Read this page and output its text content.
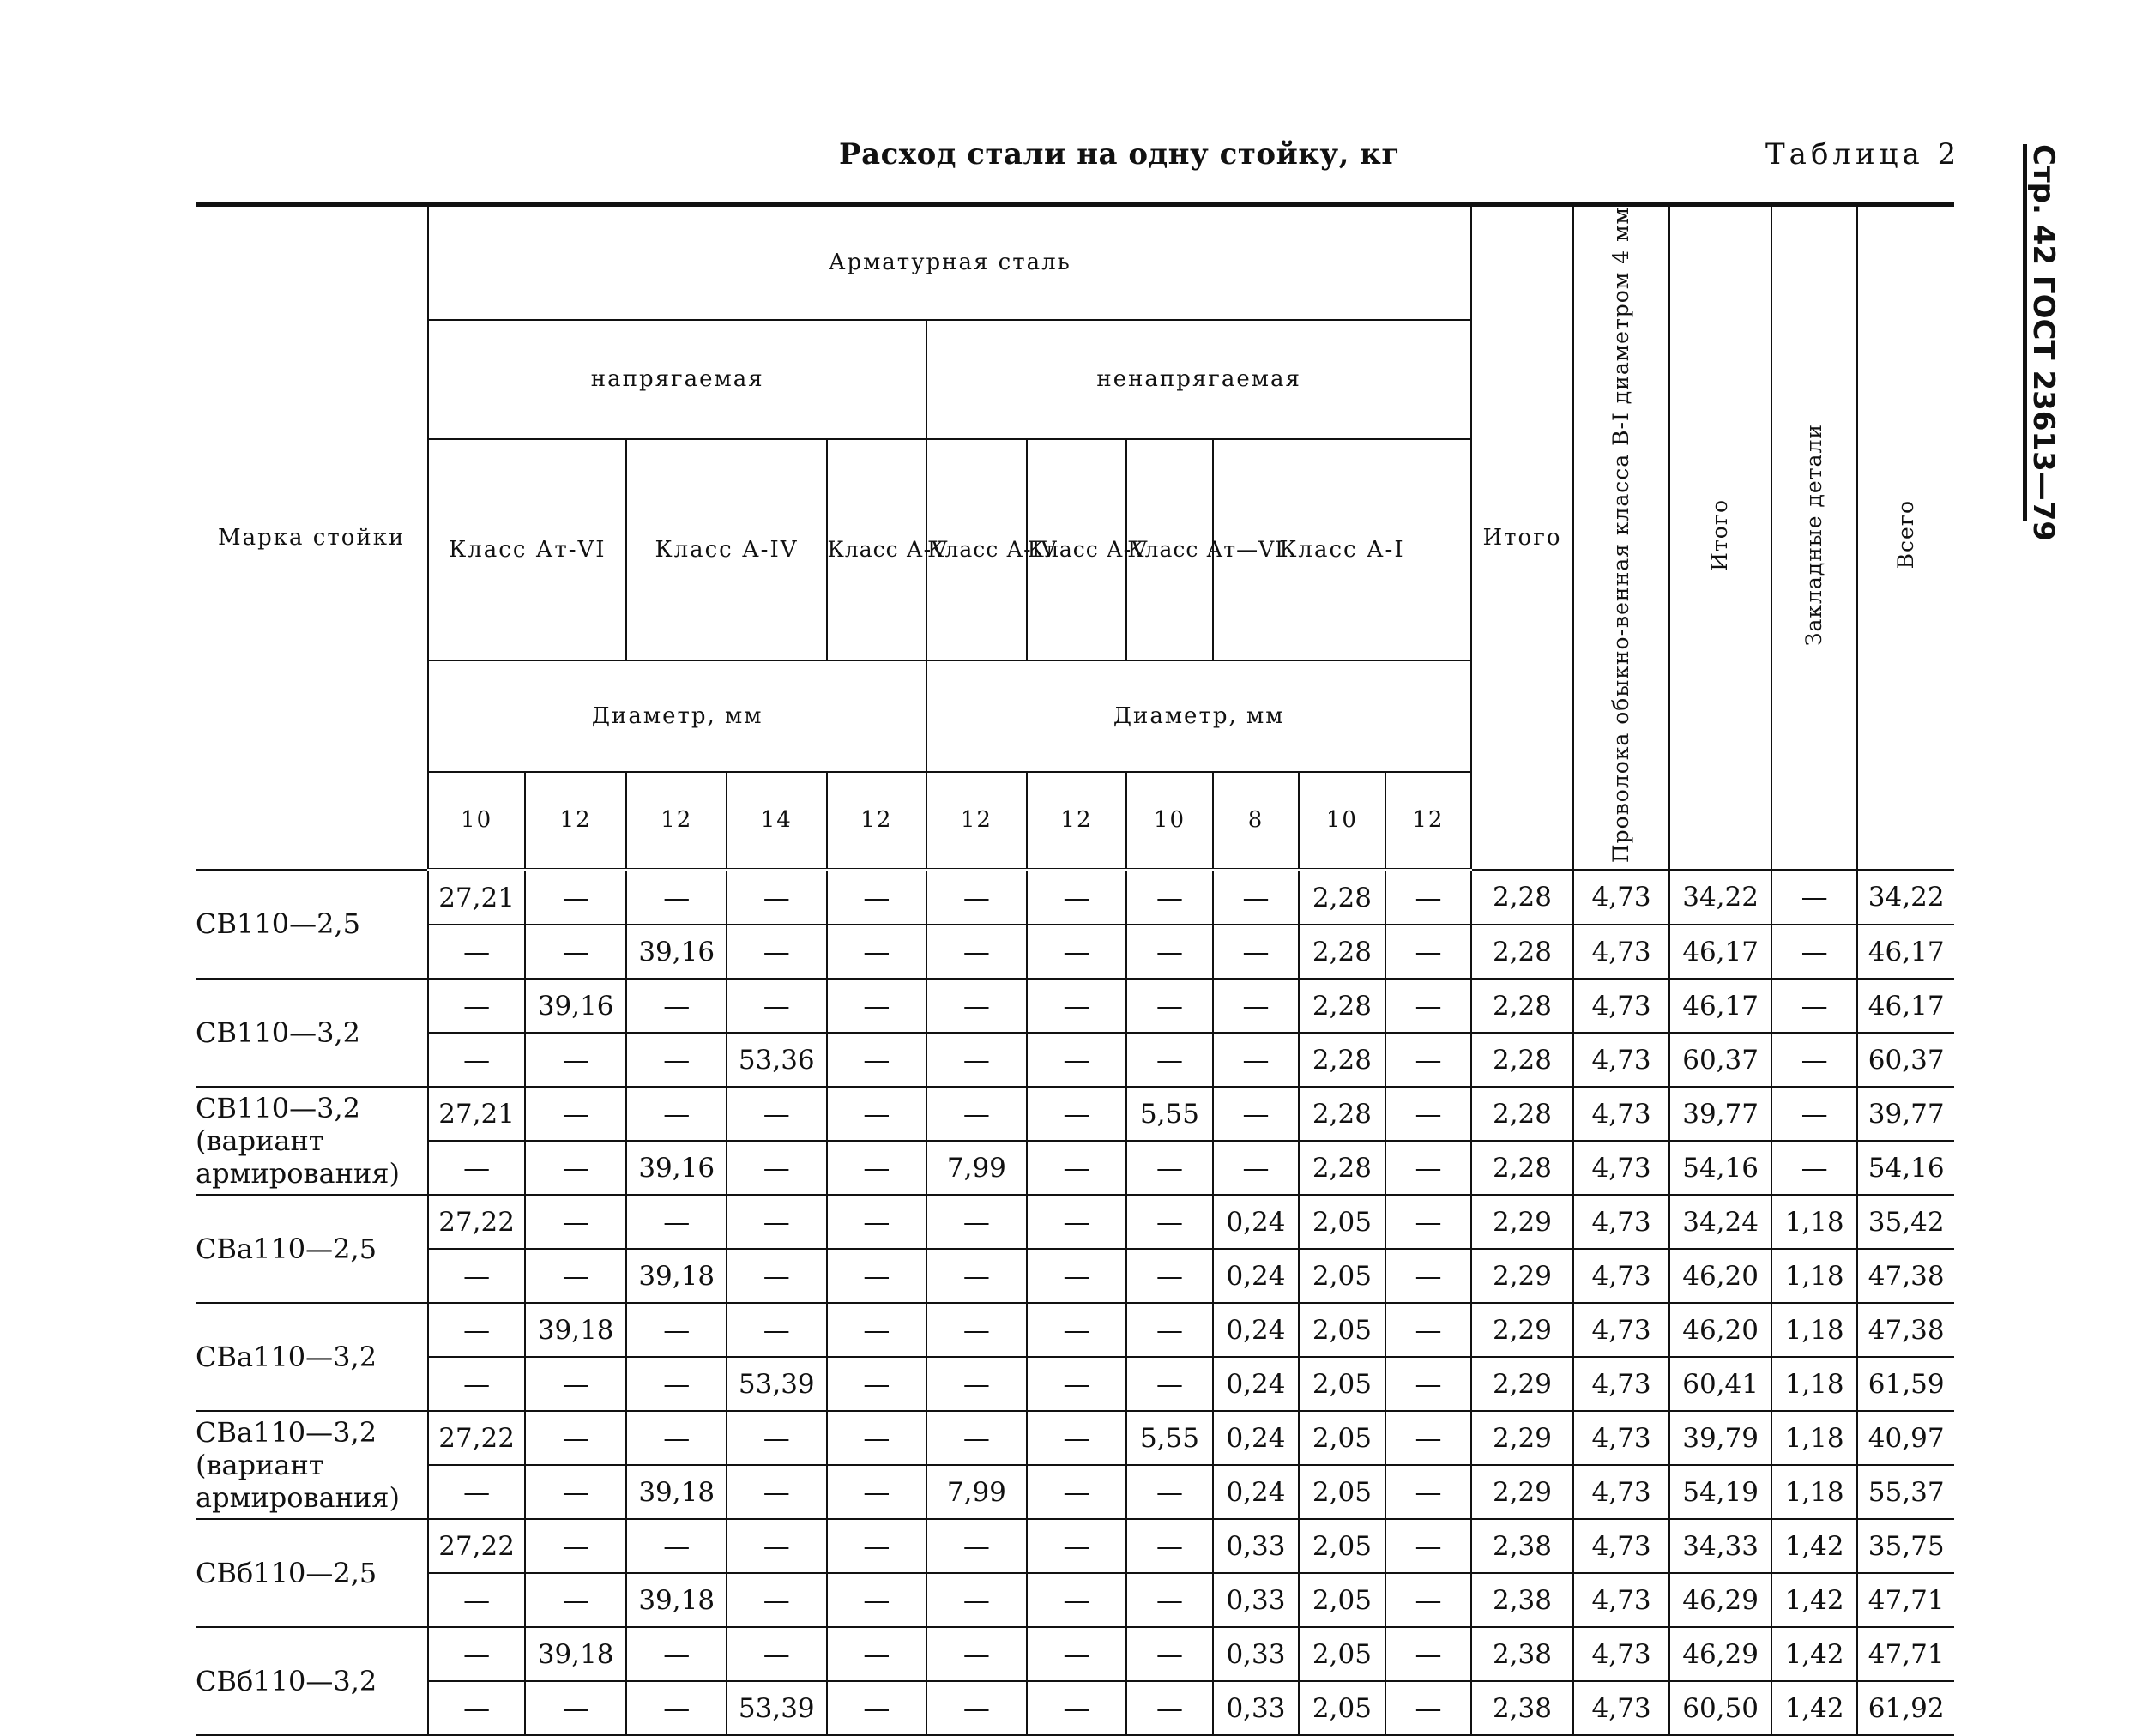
Расход стали на одну стойку, кг	Таблица 2 Стр. 42 ГОСТ 23613—79
Марка стойки	Арматурная сталь											Итого	Проволока обыкно-венная класса В-I диаметром 4 мм	Итого	Закладные детали	Всего
	напрягаемая					ненапрягаемая										
	Класс Ат-VI		Класс А-IV		Класс А-V	Класс А-IV	Класс А-V	Класс Ат—VI	Класс А-I							
	Диаметр, мм					Диаметр, мм										
	10	12	12	14	12	12	12	10	8	10	12					
СВ110—2,5	27,21	—	—	—	—	—	—	—	—	2,28	—	2,28	4,73	34,22	—	34,22
	—	—	39,16	—	—	—	—	—	—	2,28	—	2,28	4,73	46,17	—	46,17
СВ110—3,2	—	39,16	—	—	—	—	—	—	—	2,28	—	2,28	4,73	46,17	—	46,17
	—	—	—	53,36	—	—	—	—	—	2,28	—	2,28	4,73	60,37	—	60,37
СВ110—3,2 (вариант армирования)	27,21	—	—	—	—	—	—	5,55	—	2,28	—	2,28	4,73	39,77	—	39,77
	—	—	39,16	—	—	7,99	—	—	—	2,28	—	2,28	4,73	54,16	—	54,16
СВа110—2,5	27,22	—	—	—	—	—	—	—	0,24	2,05	—	2,29	4,73	34,24	1,18	35,42
	—	—	39,18	—	—	—	—	—	0,24	2,05	—	2,29	4,73	46,20	1,18	47,38
СВа110—3,2	—	39,18	—	—	—	—	—	—	0,24	2,05	—	2,29	4,73	46,20	1,18	47,38
	—	—	—	53,39	—	—	—	—	0,24	2,05	—	2,29	4,73	60,41	1,18	61,59
СВа110—3,2 (вариант армирования)	27,22	—	—	—	—	—	—	5,55	0,24	2,05	—	2,29	4,73	39,79	1,18	40,97
	—	—	39,18	—	—	7,99	—	—	0,24	2,05	—	2,29	4,73	54,19	1,18	55,37
СВб110—2,5	27,22	—	—	—	—	—	—	—	0,33	2,05	—	2,38	4,73	34,33	1,42	35,75
	—	—	39,18	—	—	—	—	—	0,33	2,05	—	2,38	4,73	46,29	1,42	47,71
СВб110—3,2	—	39,18	—	—	—	—	—	—	0,33	2,05	—	2,38	4,73	46,29	1,42	47,71
	—	—	—	53,39	—	—	—	—	0,33	2,05	—	2,38	4,73	60,50	1,42	61,92
